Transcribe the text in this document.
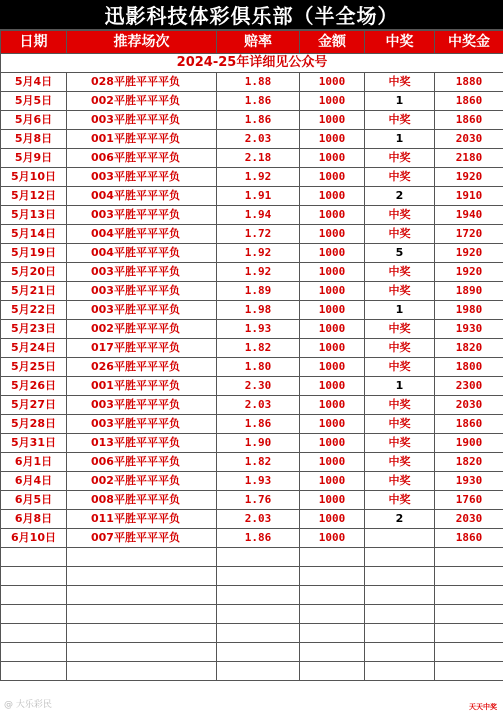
迅影科技体彩俱乐部（半全场）
日期	推荐场次	赔率	金额	中奖	中奖金
2024-25年详细见公众号					
5月4日	028平胜平平平负	1.88	1000	中奖	1880
5月5日	002平胜平平平负	1.86	1000	1	1860
5月6日	003平胜平平平负	1.86	1000	中奖	1860
5月8日	001平胜平平平负	2.03	1000	1	2030
5月9日	006平胜平平平负	2.18	1000	中奖	2180
5月10日	003平胜平平平负	1.92	1000	中奖	1920
5月12日	004平胜平平平负	1.91	1000	2	1910
5月13日	003平胜平平平负	1.94	1000	中奖	1940
5月14日	004平胜平平平负	1.72	1000	中奖	1720
5月19日	004平胜平平平负	1.92	1000	5	1920
5月20日	003平胜平平平负	1.92	1000	中奖	1920
5月21日	003平胜平平平负	1.89	1000	中奖	1890
5月22日	003平胜平平平负	1.98	1000	1	1980
5月23日	002平胜平平平负	1.93	1000	中奖	1930
5月24日	017平胜平平平负	1.82	1000	中奖	1820
5月25日	026平胜平平平负	1.80	1000	中奖	1800
5月26日	001平胜平平平负	2.30	1000	1	2300
5月27日	003平胜平平平负	2.03	1000	中奖	2030
5月28日	003平胜平平平负	1.86	1000	中奖	1860
5月31日	013平胜平平平负	1.90	1000	中奖	1900
6月1日	006平胜平平平负	1.82	1000	中奖	1820
6月4日	002平胜平平平负	1.93	1000	中奖	1930
6月5日	008平胜平平平负	1.76	1000	中奖	1760
6月8日	011平胜平平平负	2.03	1000	2	2030
6月10日	007平胜平平平负	1.86	1000		1860

@ 大乐彩民	天天中奖
